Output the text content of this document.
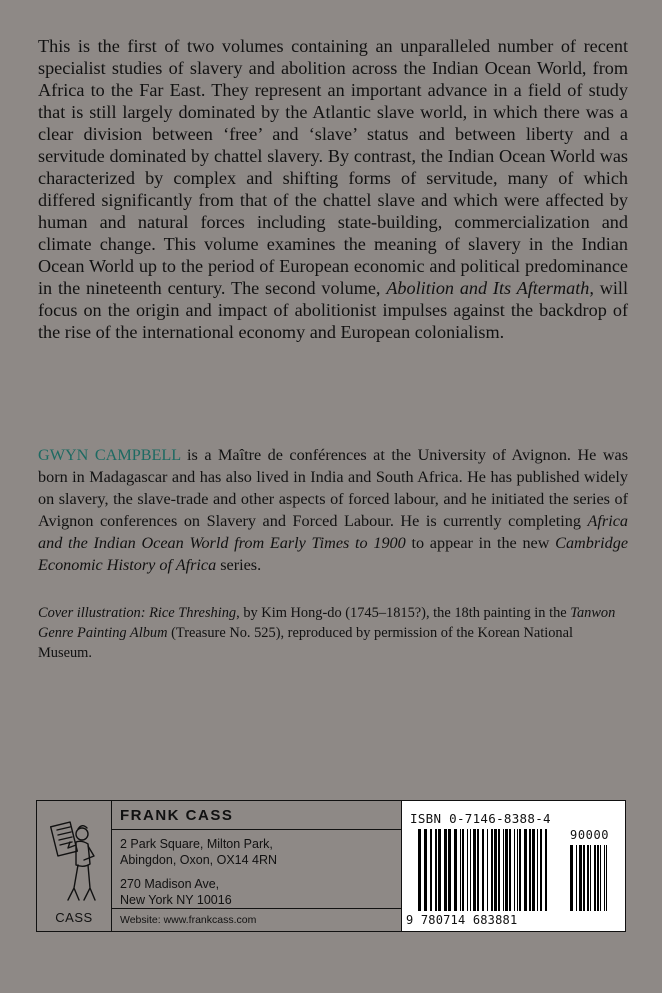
This is the first of two volumes containing an unparalleled number of recent specialist studies of slavery and abolition across the Indian Ocean World, from Africa to the Far East. They represent an important advance in a field of study that is still largely dominated by the Atlantic slave world, in which there was a clear division between ‘free’ and ‘slave’ status and between liberty and a servitude dominated by chattel slavery. By contrast, the Indian Ocean World was characterized by complex and shifting forms of servitude, many of which differed significantly from that of the chattel slave and which were affected by human and natural forces including state-building, commercialization and climate change. This volume examines the meaning of slavery in the Indian Ocean World up to the period of European economic and political predominance in the nineteenth century. The second volume, Abolition and Its Aftermath, will focus on the origin and impact of abolitionist impulses against the backdrop of the rise of the international economy and European colonialism.

GWYN CAMPBELL is a Maître de conférences at the University of Avignon. He was born in Madagascar and has also lived in India and South Africa. He has published widely on slavery, the slave-trade and other aspects of forced labour, and he initiated the series of Avignon conferences on Slavery and Forced Labour. He is currently completing Africa and the Indian Ocean World from Early Times to 1900 to appear in the new Cambridge Economic History of Africa series.

Cover illustration: Rice Threshing, by Kim Hong-do (1745–1815?), the 18th painting in the Tanwon Genre Painting Album (Treasure No. 525), reproduced by permission of the Korean National Museum.

CASS
FRANK CASS
2 Park Square, Milton Park,
Abingdon, Oxon, OX14 4RN
270 Madison Ave,
New York NY 10016
Website: www.frankcass.com
ISBN 0-7146-8388-4
90000
9 780714 683881
